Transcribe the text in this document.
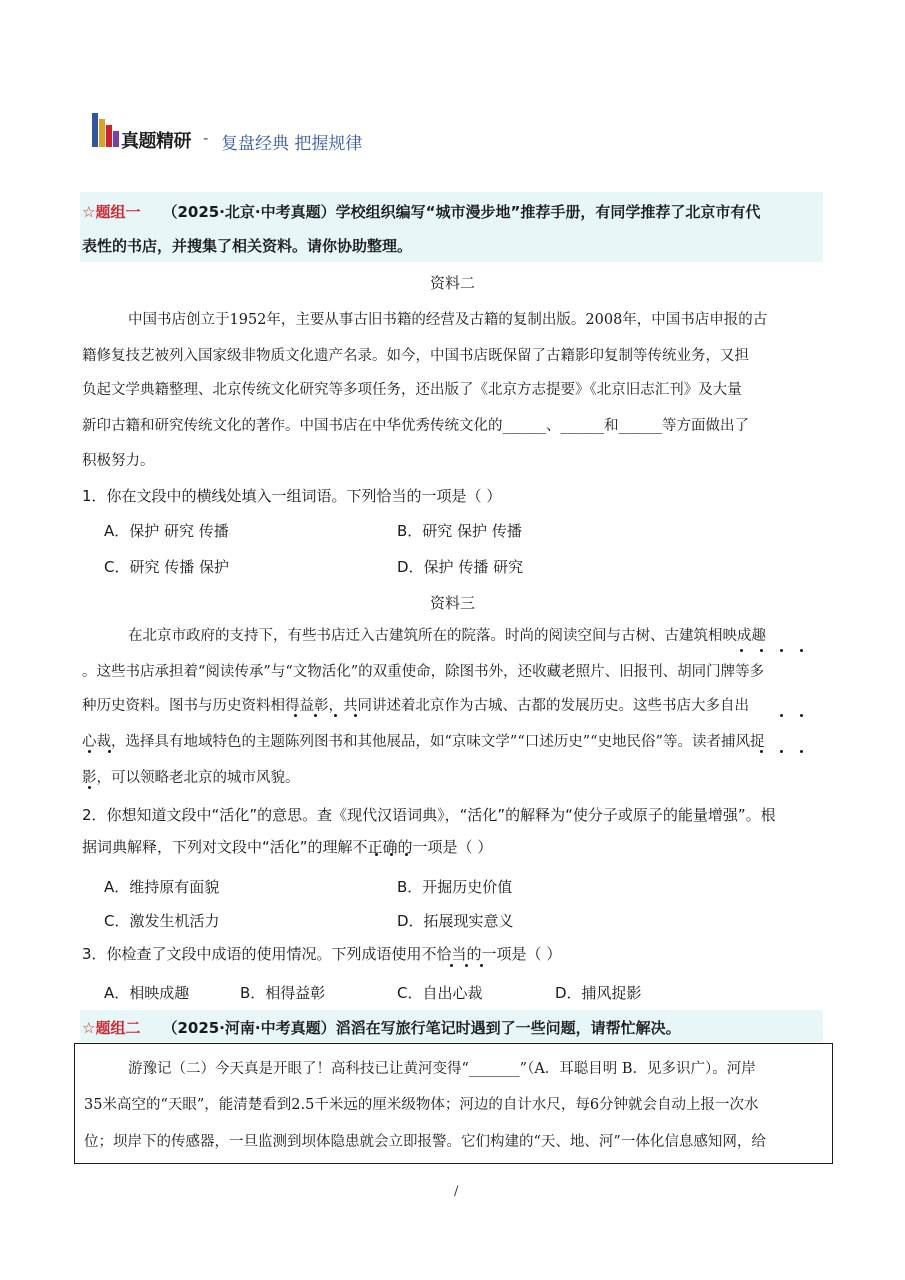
真题精研 - 复盘经典 把握规律
☆题组一 （2025·北京·中考真题）学校组织编写“城市漫步地”推荐手册，有同学推荐了北京市有代
表性的书店，并搜集了相关资料。请你协助整理。
资料二
中国书店创立于1952年，主要从事古旧书籍的经营及古籍的复制出版。2008年，中国书店申报的古
籍修复技艺被列入国家级非物质文化遗产名录。如今，中国书店既保留了古籍影印复制等传统业务，又担
负起文学典籍整理、北京传统文化研究等多项任务，还出版了《北京方志提要》《北京旧志汇刊》及大量
新印古籍和研究传统文化的著作。中国书店在中华优秀传统文化的______、______和______等方面做出了
积极努力。
1．你在文段中的横线处填入一组词语。下列恰当的一项是（ ）
A．保护 研究 传播	B．研究 保护 传播
C．研究 传播 保护	D．保护 传播 研究
资料三
在北京市政府的支持下，有些书店迁入古建筑所在的院落。时尚的阅读空间与古树、古建筑相映成趣
。这些书店承担着“阅读传承”与“文物活化”的双重使命，除图书外，还收藏老照片、旧报刊、胡同门牌等多
种历史资料。图书与历史资料相得益彰，共同讲述着北京作为古城、古都的发展历史。这些书店大多自出
心裁，选择具有地域特色的主题陈列图书和其他展品，如“京味文学”“口述历史”“史地民俗”等。读者捕风捉
影，可以领略老北京的城市风貌。
2．你想知道文段中“活化”的意思。查《现代汉语词典》，“活化”的解释为“使分子或原子的能量增强”。根
据词典解释，下列对文段中“活化”的理解不正确的一项是（ ）
A．维持原有面貌	B．开掘历史价值
C．激发生机活力	D．拓展现实意义
3．你检查了文段中成语的使用情况。下列成语使用不恰当的一项是（ ）
A．相映成趣	B．相得益彰	C．自出心裁	D．捕风捉影
☆题组二 （2025·河南·中考真题）滔滔在写旅行笔记时遇到了一些问题，请帮忙解决。
游豫记（二）今天真是开眼了！高科技已让黄河变得“_______”（A．耳聪目明 B．见多识广）。河岸
35米高空的“天眼”，能清楚看到2.5千米远的厘米级物体；河边的自计水尺，每6分钟就会自动上报一次水
位；坝岸下的传感器，一旦监测到坝体隐患就会立即报警。它们构建的“天、地、河”一体化信息感知网，给
/
